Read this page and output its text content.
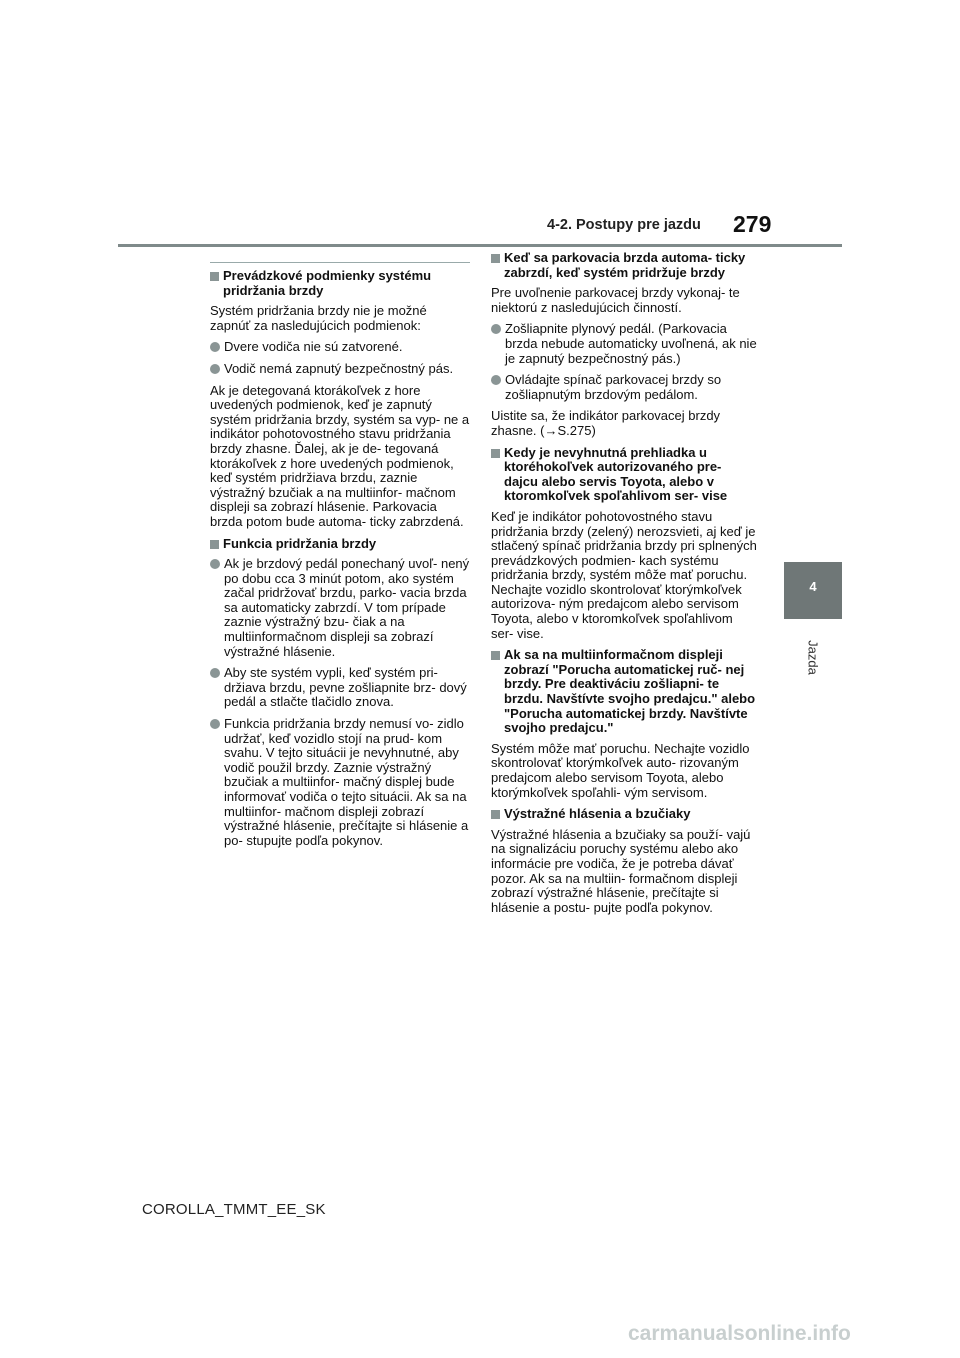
4-2. Postupy pre jazdu 279
4
Jazda
Prevádzkové podmienky systému pridržania brzdy

Systém pridržania brzdy nie je možné zapnúť za nasledujúcich podmienok:

Dvere vodiča nie sú zatvorené.
Vodič nemá zapnutý bezpečnostný pás.

Ak je detegovaná ktorákoľvek z hore uvedených podmienok, keď je zapnutý systém pridržania brzdy, systém sa vyp- ne a indikátor pohotovostného stavu pridržania brzdy zhasne. Ďalej, ak je de- tegovaná ktorákoľvek z hore uvedených podmienok, keď systém pridržiava brzdu, zaznie výstražný bzučiak a na multiinfor- mačnom displeji sa zobrazí hlásenie. Parkovacia brzda potom bude automa- ticky zabrzdená.

Funkcia pridržania brzdy
Ak je brzdový pedál ponechaný uvoľ- nený po dobu cca 3 minút potom, ako systém začal pridržovať brzdu, parko- vacia brzda sa automaticky zabrzdí. V tom prípade zaznie výstražný bzu- čiak a na multiinformačnom displeji sa zobrazí výstražné hlásenie.
Aby ste systém vypli, keď systém pri- držiava brzdu, pevne zošliapnite brz- dový pedál a stlačte tlačidlo znova.
Funkcia pridržania brzdy nemusí vo- zidlo udržať, keď vozidlo stojí na prud- kom svahu. V tejto situácii je nevyhnutné, aby vodič použil brzdy. Zaznie výstražný bzučiak a multiinfor- mačný displej bude informovať vodiča o tejto situácii. Ak sa na multiinfor- mačnom displeji zobrazí výstražné hlásenie, prečítajte si hlásenie a po- stupujte podľa pokynov.
Keď sa parkovacia brzda automa- ticky zabrzdí, keď systém pridržuje brzdy

Pre uvoľnenie parkovacej brzdy vykonaj- te niektorú z nasledujúcich činností.

Zošliapnite plynový pedál. (Parkovacia brzda nebude automaticky uvoľnená, ak nie je zapnutý bezpečnostný pás.)
Ovládajte spínač parkovacej brzdy so zošliapnutým brzdovým pedálom.

Uistite sa, že indikátor parkovacej brzdy zhasne. (→S.275)

Kedy je nevyhnutná prehliadka u ktoréhokoľvek autorizovaného pre- dajcu alebo servis Toyota, alebo v ktoromkoľvek spoľahlivom ser- vise

Keď je indikátor pohotovostného stavu pridržania brzdy (zelený) nerozsvieti, aj keď je stlačený spínač pridržania brzdy pri splnených prevádzkových podmien- kach systému pridržania brzdy, systém môže mať poruchu. Nechajte vozidlo skontrolovať ktorýmkoľvek autorizova- ným predajcom alebo servisom Toyota, alebo v ktoromkoľvek spoľahlivom ser- vise.

Ak sa na multiinformačnom displeji zobrazí "Porucha automatickej ruč- nej brzdy. Pre deaktiváciu zošliapni- te brzdu. Navštívte svojho predajcu." alebo "Porucha automatickej brzdy. Navštívte svojho predajcu."

Systém môže mať poruchu. Nechajte vozidlo skontrolovať ktorýmkoľvek auto- rizovaným predajcom alebo servisom Toyota, alebo ktorýmkoľvek spoľahli- vým servisom.

Výstražné hlásenia a bzučiaky

Výstražné hlásenia a bzučiaky sa použí- vajú na signalizáciu poruchy systému alebo ako informácie pre vodiča, že je potreba dávať pozor. Ak sa na multiin- formačnom displeji zobrazí výstražné hlásenie, prečítajte si hlásenie a postu- pujte podľa pokynov.

COROLLA_TMMT_EE_SK
carmanualsonline.info
